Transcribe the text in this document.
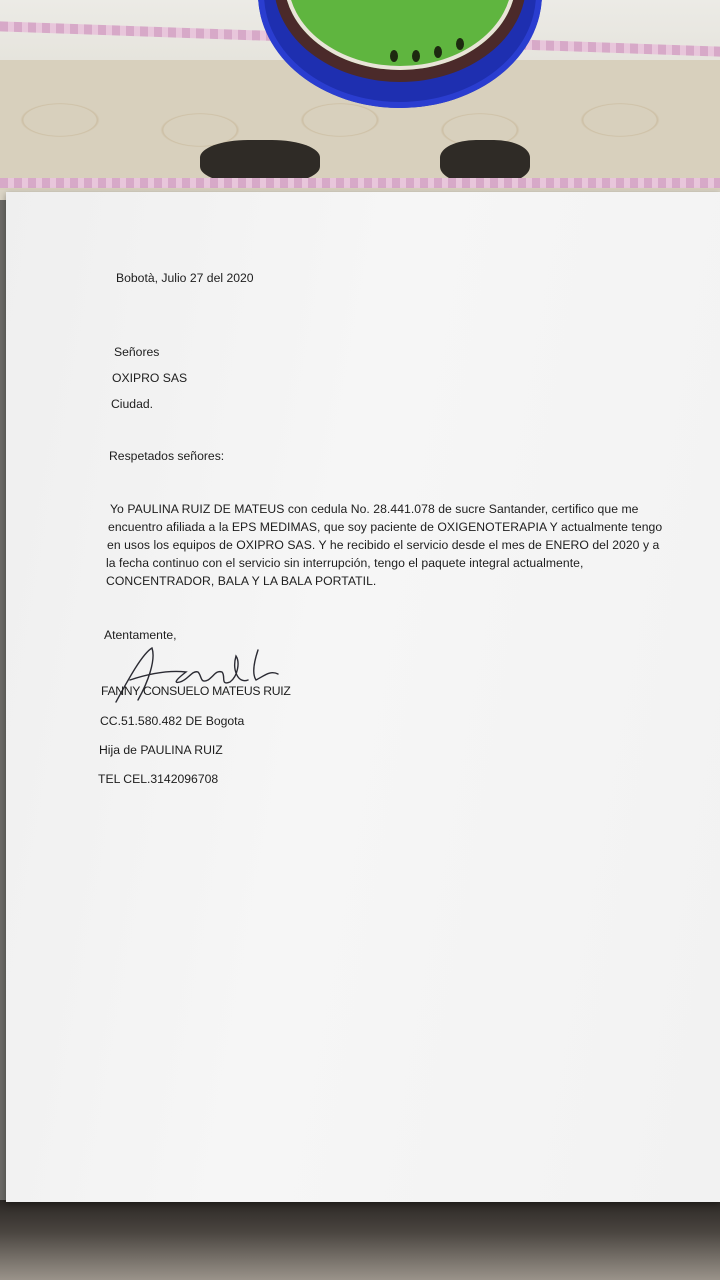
Bobotà, Julio 27 del 2020
Señores
OXIPRO SAS
Ciudad.
Respetados señores:
Yo PAULINA RUIZ DE MATEUS con cedula No. 28.441.078 de sucre Santander, certifico que me
encuentro afiliada a la EPS MEDIMAS, que soy paciente de OXIGENOTERAPIA Y actualmente tengo
en usos los equipos de OXIPRO SAS. Y he recibido el servicio desde el mes de ENERO del 2020 y a
la fecha continuo con el servicio sin interrupción, tengo el paquete integral actualmente,
CONCENTRADOR, BALA Y LA BALA PORTATIL.
Atentamente,
FANNY CONSUELO MATEUS RUIZ
CC.51.580.482 DE Bogota
Hija de PAULINA RUIZ
TEL CEL.3142096708
